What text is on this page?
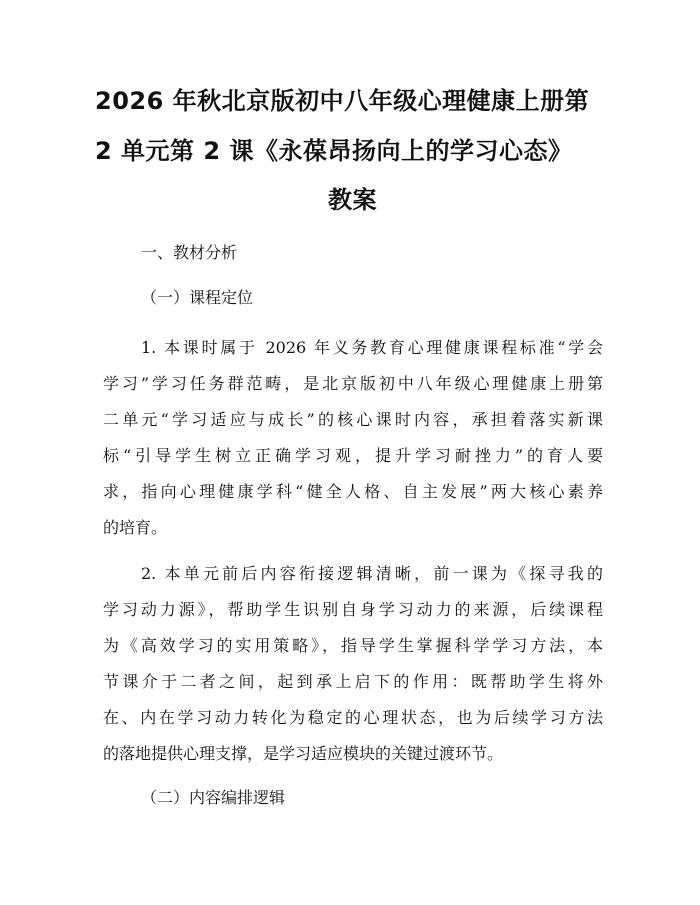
2026 年秋北京版初中八年级心理健康上册第
2 单元第 2 课《永葆昂扬向上的学习心态》
教案
一、教材分析
（一）课程定位
1. 本课时属于 2026 年义务教育心理健康课程标准“学会
学习”学习任务群范畴，是北京版初中八年级心理健康上册第
二单元“学习适应与成长”的核心课时内容，承担着落实新课
标“引导学生树立正确学习观，提升学习耐挫力”的育人要
求，指向心理健康学科“健全人格、自主发展”两大核心素养
的培育。
2. 本单元前后内容衔接逻辑清晰，前一课为《探寻我的
学习动力源》，帮助学生识别自身学习动力的来源，后续课程
为《高效学习的实用策略》，指导学生掌握科学学习方法，本
节课介于二者之间，起到承上启下的作用：既帮助学生将外
在、内在学习动力转化为稳定的心理状态，也为后续学习方法
的落地提供心理支撑，是学习适应模块的关键过渡环节。
（二）内容编排逻辑
